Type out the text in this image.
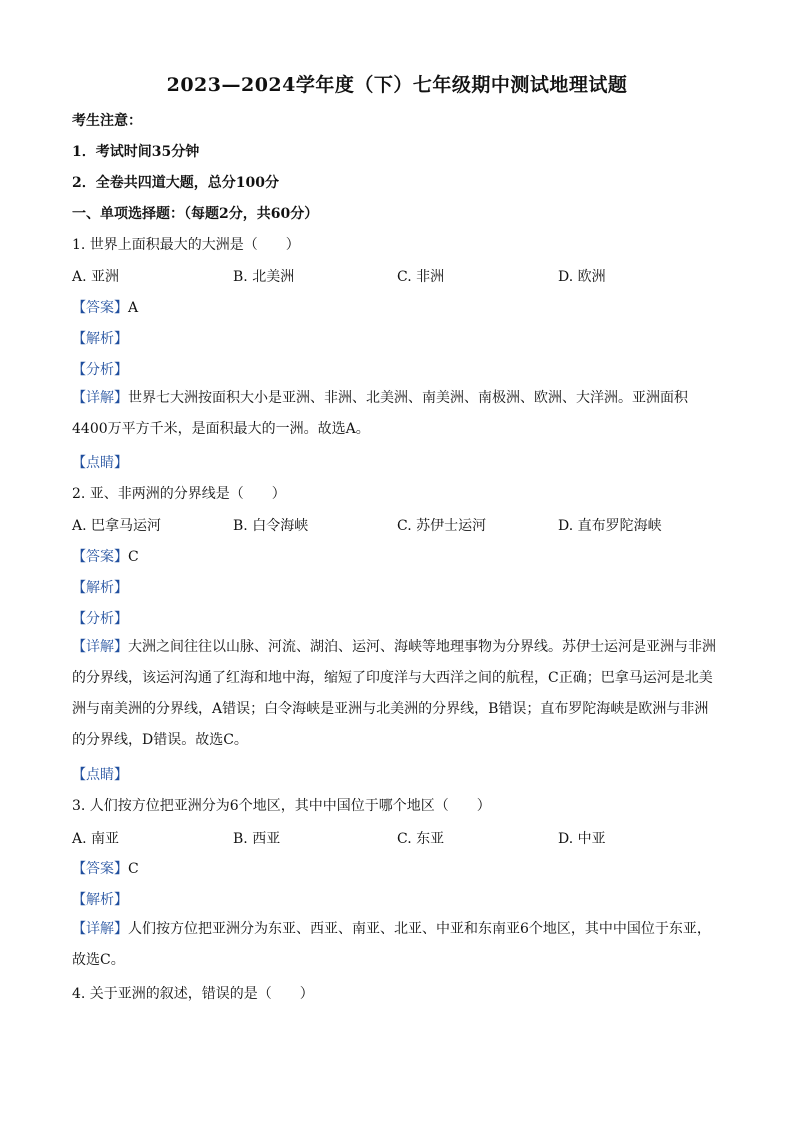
2023—2024学年度（下）七年级期中测试地理试题
考生注意：
1．考试时间35分钟
2．全卷共四道大题，总分100分
一、单项选择题：（每题2分，共60分）
1. 世界上面积最大的大洲是（　　）
A. 亚洲	B. 北美洲	C. 非洲	D. 欧洲
【答案】A
【解析】
【分析】
【详解】世界七大洲按面积大小是亚洲、非洲、北美洲、南美洲、南极洲、欧洲、大洋洲。亚洲面积4400万平方千米，是面积最大的一洲。故选A。
【点睛】
2. 亚、非两洲的分界线是（　　）
A. 巴拿马运河	B. 白令海峡	C. 苏伊士运河	D. 直布罗陀海峡
【答案】C
【解析】
【分析】
【详解】大洲之间往往以山脉、河流、湖泊、运河、海峡等地理事物为分界线。苏伊士运河是亚洲与非洲的分界线，该运河沟通了红海和地中海，缩短了印度洋与大西洋之间的航程，C正确；巴拿马运河是北美洲与南美洲的分界线，A错误；白令海峡是亚洲与北美洲的分界线，B错误；直布罗陀海峡是欧洲与非洲的分界线，D错误。故选C。
【点睛】
3. 人们按方位把亚洲分为6个地区，其中中国位于哪个地区（　　）
A. 南亚	B. 西亚	C. 东亚	D. 中亚
【答案】C
【解析】
【详解】人们按方位把亚洲分为东亚、西亚、南亚、北亚、中亚和东南亚6个地区，其中中国位于东亚，故选C。
4. 关于亚洲的叙述，错误的是（　　）
